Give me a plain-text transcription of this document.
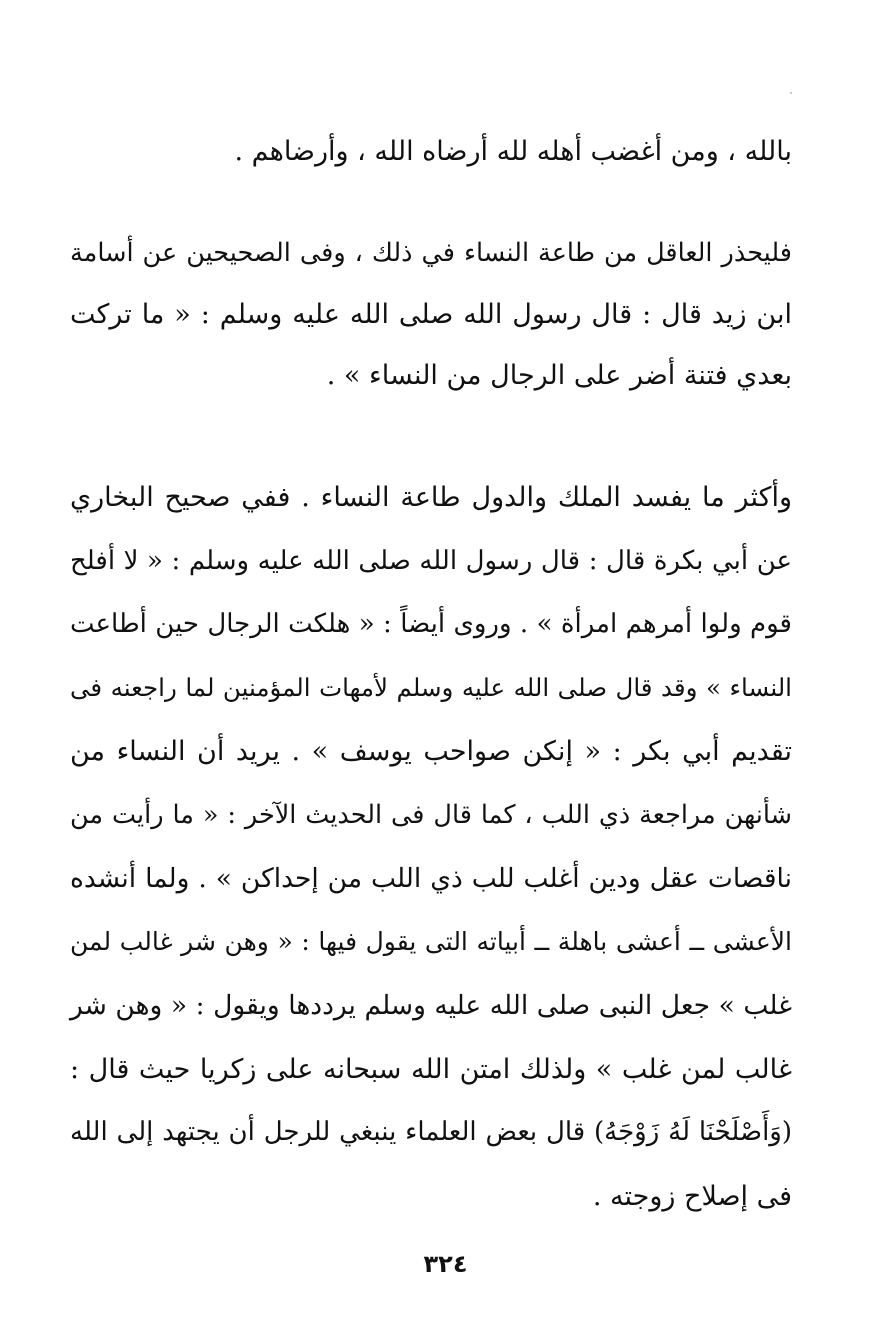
بالله ، ومن أغضب أهله لله أرضاه الله ، وأرضاهم .
فليحذر العاقل من طاعة النساء في ذلك ، وفى الصحيحين عن أسامة
ابن زيد قال : قال رسول الله صلى الله عليه وسلم : « ما تركت
بعدي فتنة أضر على الرجال من النساء » .
وأكثر ما يفسد الملك والدول طاعة النساء . ففي صحيح البخاري
عن أبي بكرة قال : قال رسول الله صلى الله عليه وسلم : « لا أفلح
قوم ولوا أمرهم امرأة » . وروى أيضاً : « هلكت الرجال حين أطاعت
النساء » وقد قال صلى الله عليه وسلم لأمهات المؤمنين لما راجعنه فى
تقديم أبي بكر : « إنكن صواحب يوسف » . يريد أن النساء من
شأنهن مراجعة ذي اللب ، كما قال فى الحديث الآخر : « ما رأيت من
ناقصات عقل ودين أغلب للب ذي اللب من إحداكن » . ولما أنشده
الأعشى ــ أعشى باهلة ــ أبياته التى يقول فيها : « وهن شر غالب لمن
غلب » جعل النبى صلى الله عليه وسلم يرددها ويقول : « وهن شر
غالب لمن غلب » ولذلك امتن الله سبحانه على زكريا حيث قال :
(وَأَصْلَحْنَا لَهُ زَوْجَهُ) قال بعض العلماء ينبغي للرجل أن يجتهد إلى الله
فى إصلاح زوجته .
٣٢٤
